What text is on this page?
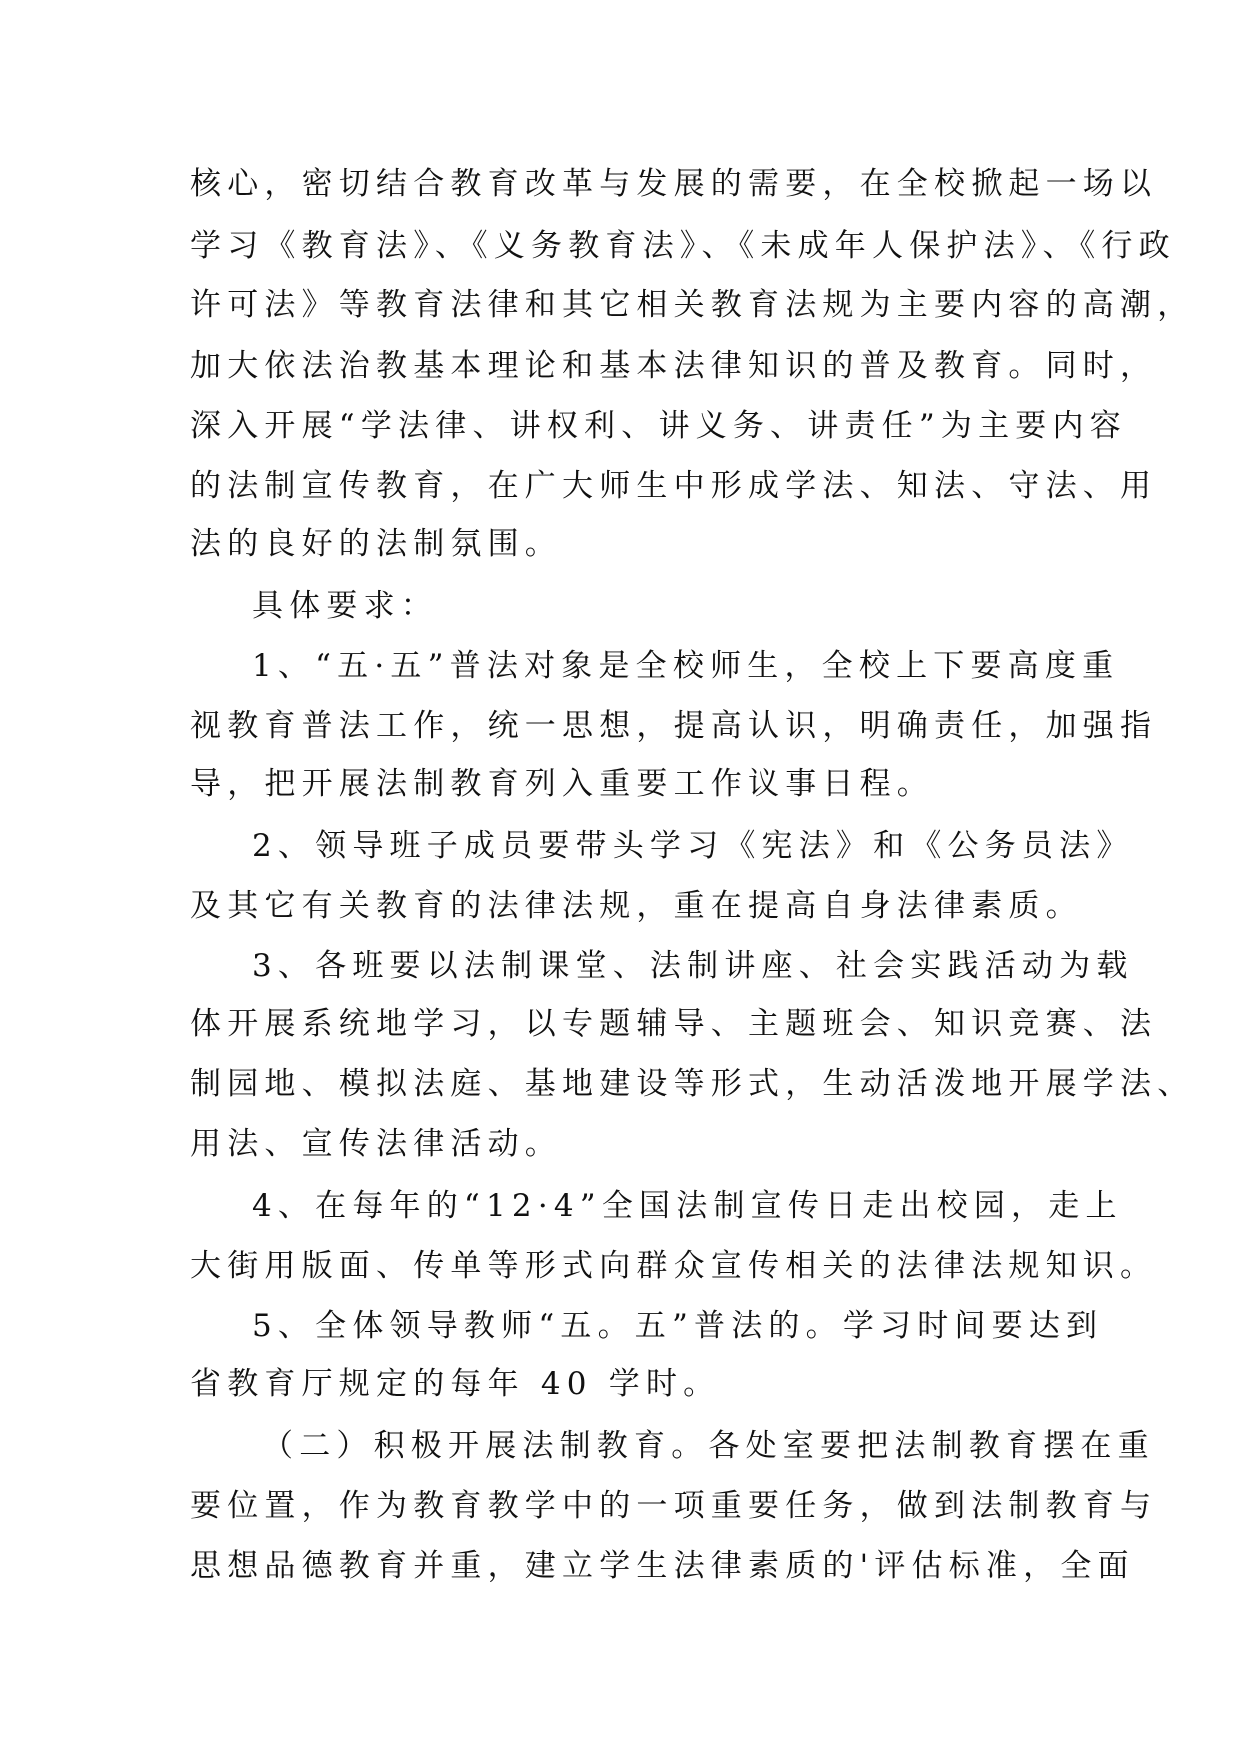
核心，密切结合教育改革与发展的需要，在全校掀起一场以

学习《教育法》、《义务教育法》、《未成年人保护法》、《行政

许可法》等教育法律和其它相关教育法规为主要内容的高潮，

加大依法治教基本理论和基本法律知识的普及教育。同时，

深入开展“学法律、讲权利、讲义务、讲责任”为主要内容

的法制宣传教育，在广大师生中形成学法、知法、守法、用

法的良好的法制氛围。

具体要求：

1、“五·五”普法对象是全校师生，全校上下要高度重

视教育普法工作，统一思想，提高认识，明确责任，加强指

导，把开展法制教育列入重要工作议事日程。

2、领导班子成员要带头学习《宪法》和《公务员法》

及其它有关教育的法律法规，重在提高自身法律素质。

3、各班要以法制课堂、法制讲座、社会实践活动为载

体开展系统地学习，以专题辅导、主题班会、知识竞赛、法

制园地、模拟法庭、基地建设等形式，生动活泼地开展学法、

用法、宣传法律活动。

4、在每年的“12·4”全国法制宣传日走出校园，走上

大街用版面、传单等形式向群众宣传相关的法律法规知识。

5、全体领导教师“五。五”普法的。学习时间要达到

省教育厅规定的每年 40 学时。

（二）积极开展法制教育。各处室要把法制教育摆在重

要位置，作为教育教学中的一项重要任务，做到法制教育与

思想品德教育并重，建立学生法律素质的'评估标准，全面
